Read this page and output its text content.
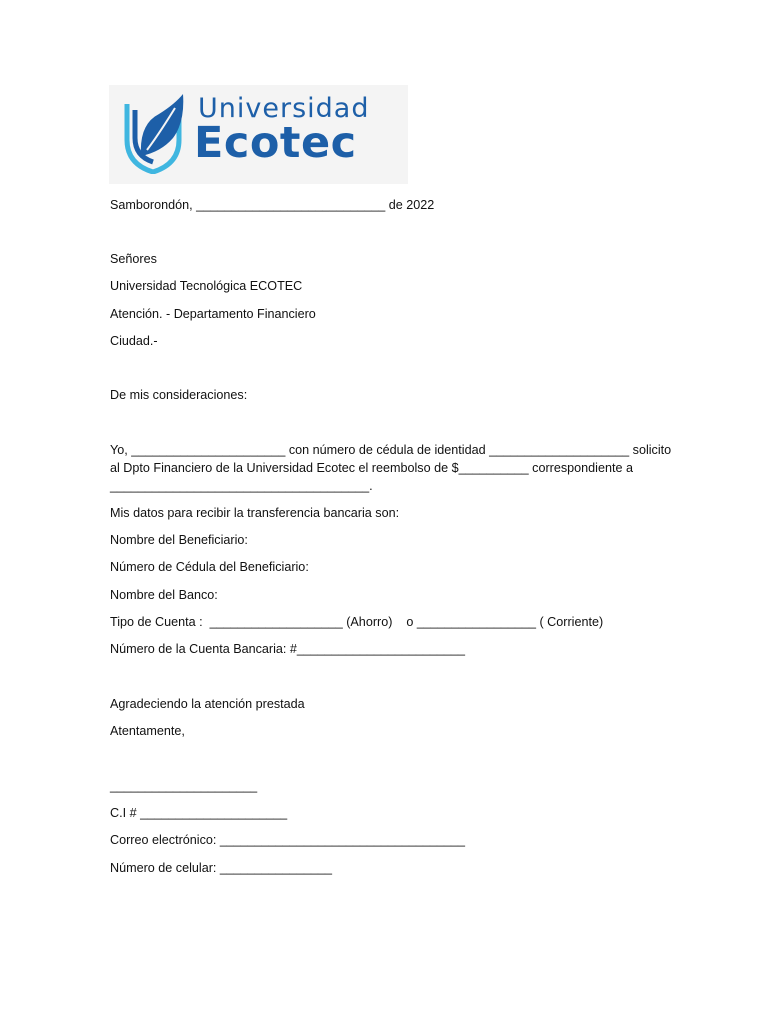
Universidad
Ecotec
Samborondón, ___________________________ de 2022
Señores
Universidad Tecnológica ECOTEC
Atención. - Departamento Financiero
Ciudad.-
De mis consideraciones:
Yo, ______________________ con número de cédula de identidad ____________________ solicito
al Dpto Financiero de la Universidad Ecotec el reembolso de $__________ correspondiente a
_____________________________________.
Mis datos para recibir la transferencia bancaria son:
Nombre del Beneficiario:
Número de Cédula del Beneficiario:
Nombre del Banco:
Tipo de Cuenta :  ___________________ (Ahorro)    o _________________ ( Corriente)
Número de la Cuenta Bancaria: #________________________
Agradeciendo la atención prestada
Atentamente,
_____________________
C.I # _____________________
Correo electrónico: ___________________________________
Número de celular: ________________
